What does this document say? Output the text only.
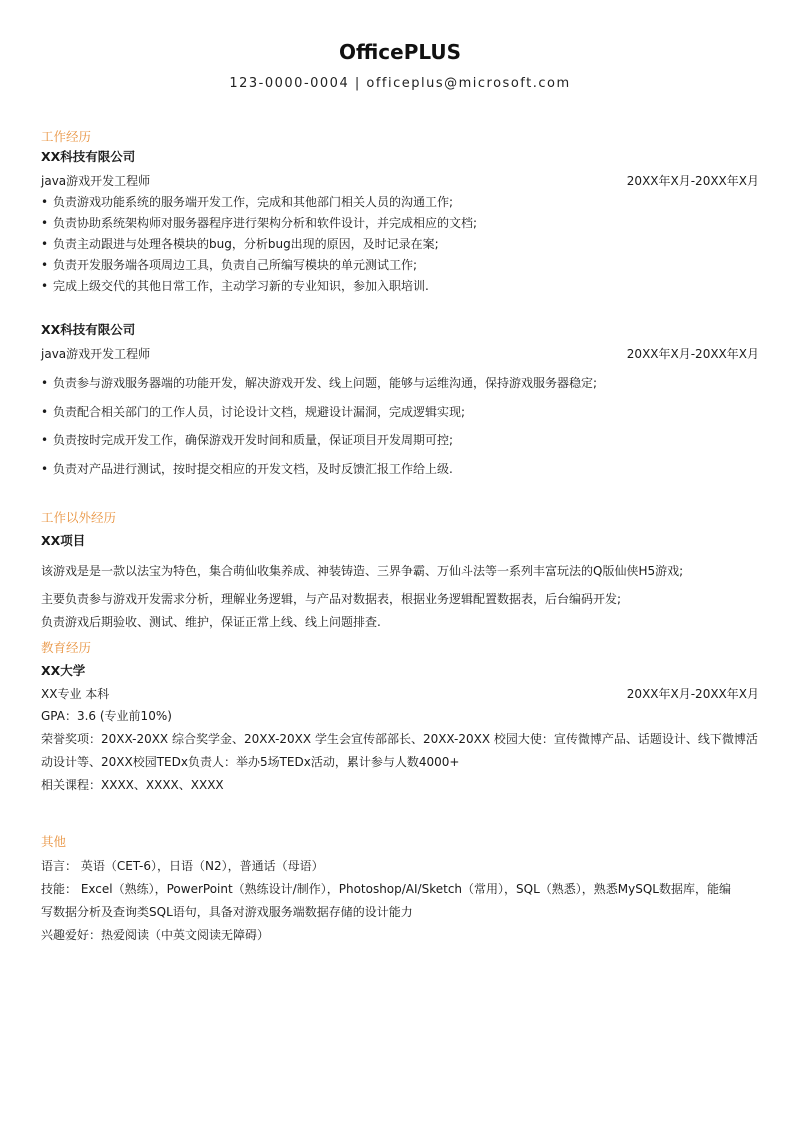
OfficePLUS
123-0000-0004 | officeplus@microsoft.com
工作经历
XX科技有限公司
java游戏开发工程师	20XX年X月-20XX年X月
• 负责游戏功能系统的服务端开发工作，完成和其他部门相关人员的沟通工作;
• 负责协助系统架构师对服务器程序进行架构分析和软件设计，并完成相应的文档;
• 负责主动跟进与处理各模块的bug，分析bug出现的原因，及时记录在案;
• 负责开发服务端各项周边工具，负责自己所编写模块的单元测试工作;
• 完成上级交代的其他日常工作，主动学习新的专业知识，参加入职培训.
XX科技有限公司
java游戏开发工程师	20XX年X月-20XX年X月
• 负责参与游戏服务器端的功能开发，解决游戏开发、线上问题，能够与运维沟通，保持游戏服务器稳定;
• 负责配合相关部门的工作人员，讨论设计文档，规避设计漏洞，完成逻辑实现;
• 负责按时完成开发工作，确保游戏开发时间和质量，保证项目开发周期可控;
• 负责对产品进行测试，按时提交相应的开发文档，及时反馈汇报工作给上级.
工作以外经历
XX项目
该游戏是是一款以法宝为特色，集合萌仙收集养成、神装铸造、三界争霸、万仙斗法等一系列丰富玩法的Q版仙侠H5游戏;
主要负责参与游戏开发需求分析，理解业务逻辑，与产品对数据表，根据业务逻辑配置数据表，后台编码开发;
负责游戏后期验收、测试、维护，保证正常上线、线上问题排查.
教育经历
XX大学
XX专业 本科	20XX年X月-20XX年X月
GPA：3.6 (专业前10%)
荣誉奖项：20XX-20XX 综合奖学金、20XX-20XX 学生会宣传部部长、20XX-20XX 校园大使：宣传微博产品、话题设计、线下微博活
动设计等、20XX校园TEDx负责人：举办5场TEDx活动，累计参与人数4000+
相关课程：XXXX、XXXX、XXXX
其他
语言： 英语（CET-6），日语（N2），普通话（母语）
技能： Excel（熟练），PowerPoint（熟练设计/制作），Photoshop/AI/Sketch（常用），SQL（熟悉），熟悉MySQL数据库，能编
写数据分析及查询类SQL语句，具备对游戏服务端数据存储的设计能力
兴趣爱好：热爱阅读（中英文阅读无障碍）
